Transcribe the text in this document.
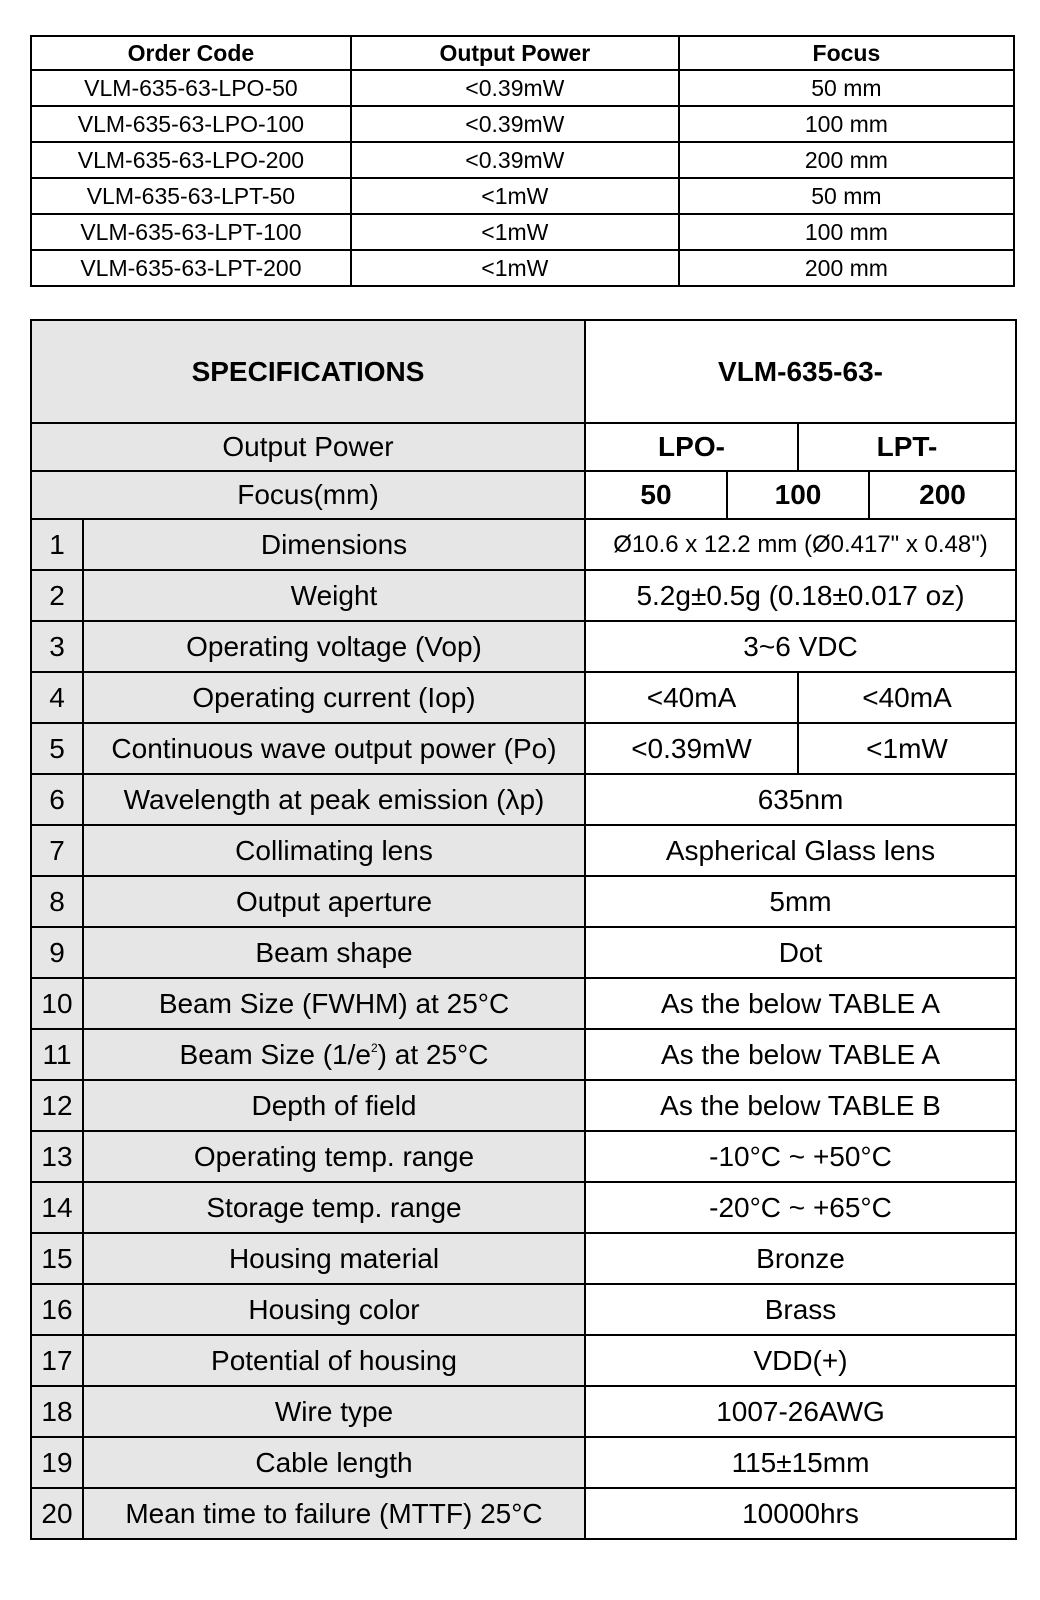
Order Code	Output Power	Focus
VLM-635-63-LPO-50	<0.39mW	50 mm
VLM-635-63-LPO-100	<0.39mW	100 mm
VLM-635-63-LPO-200	<0.39mW	200 mm
VLM-635-63-LPT-50	<1mW	50 mm
VLM-635-63-LPT-100	<1mW	100 mm
VLM-635-63-LPT-200	<1mW	200 mm
SPECIFICATIONS		VLM-635-63-			
Output Power		LPO-		LPT-	
Focus(mm)		50	100		200
1	Dimensions	Ø10.6 x 12.2 mm (Ø0.417" x 0.48")			
2	Weight	5.2g±0.5g (0.18±0.017 oz)			
3	Operating voltage (Vop)	3~6 VDC			
4	Operating current (Iop)	<40mA		<40mA	
5	Continuous wave output power (Po)	<0.39mW		<1mW	
6	Wavelength at peak emission (λp)	635nm			
7	Collimating lens	Aspherical Glass lens			
8	Output aperture	5mm			
9	Beam shape	Dot			
10	Beam Size (FWHM) at 25°C	As the below TABLE A			
11	Beam Size $(1/e^2)$ at 25°C	As the below TABLE A			
12	Depth of field	As the below TABLE B			
13	Operating temp. range	-10°C ~ +50°C			
14	Storage temp. range	-20°C ~ +65°C			
15	Housing material	Bronze			
16	Housing color	Brass			
17	Potential of housing	VDD(+)			
18	Wire type	1007-26AWG			
19	Cable length	115±15mm			
20	Mean time to failure (MTTF) 25°C	10000hrs			
